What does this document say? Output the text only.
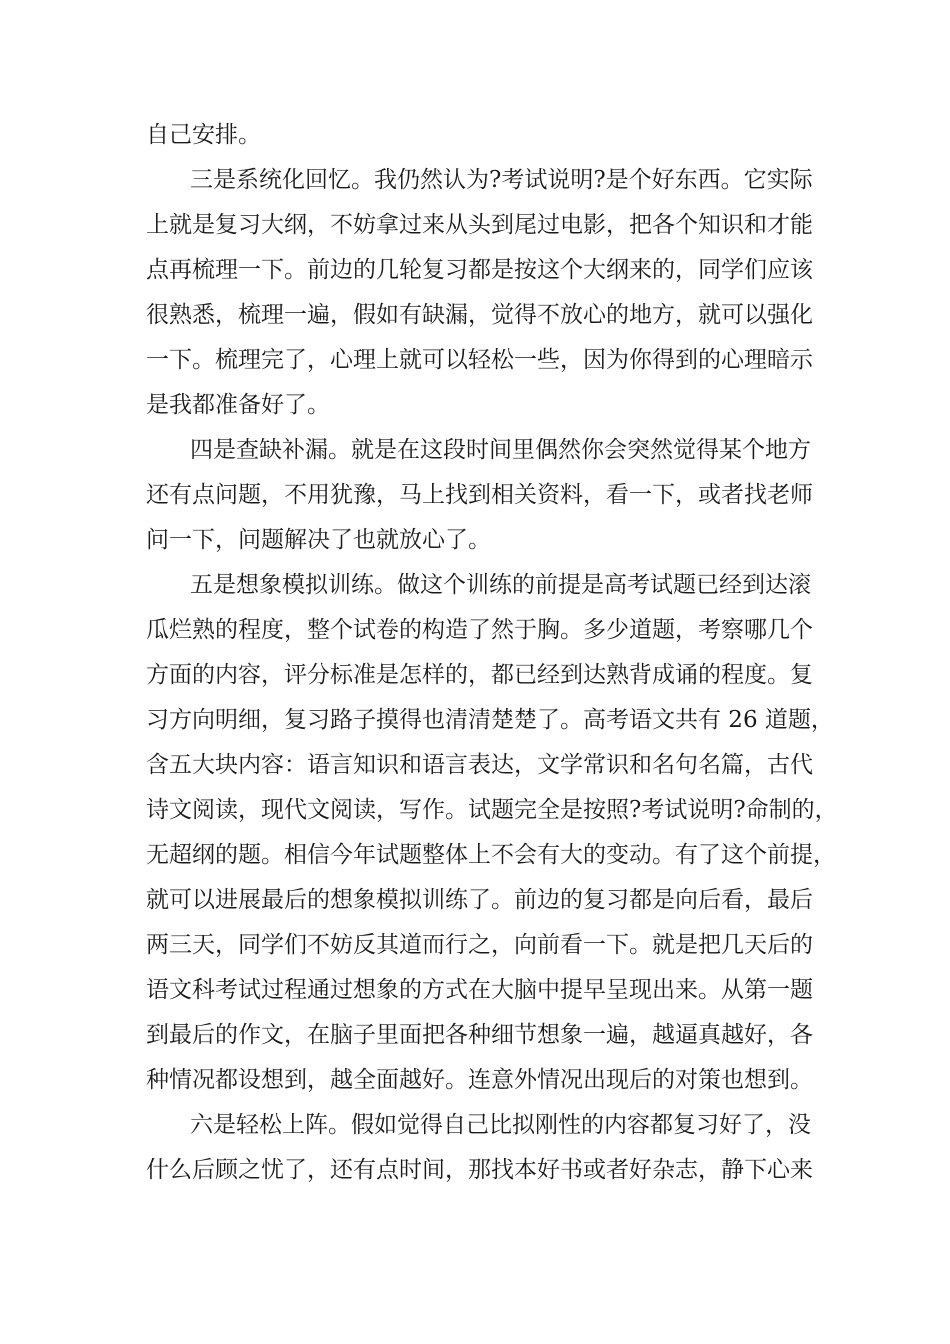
自己安排。
三是系统化回忆。我仍然认为?考试说明?是个好东西。它实际
上就是复习大纲，不妨拿过来从头到尾过电影，把各个知识和才能
点再梳理一下。前边的几轮复习都是按这个大纲来的，同学们应该
很熟悉，梳理一遍，假如有缺漏，觉得不放心的地方，就可以强化
一下。梳理完了，心理上就可以轻松一些，因为你得到的心理暗示
是我都准备好了。
四是查缺补漏。就是在这段时间里偶然你会突然觉得某个地方
还有点问题，不用犹豫，马上找到相关资料，看一下，或者找老师
问一下，问题解决了也就放心了。
五是想象模拟训练。做这个训练的前提是高考试题已经到达滚
瓜烂熟的程度，整个试卷的构造了然于胸。多少道题，考察哪几个
方面的内容，评分标准是怎样的，都已经到达熟背成诵的程度。复
习方向明细，复习路子摸得也清清楚楚了。高考语文共有 26 道题，
含五大块内容：语言知识和语言表达，文学常识和名句名篇，古代
诗文阅读，现代文阅读，写作。试题完全是按照?考试说明?命制的，
无超纲的题。相信今年试题整体上不会有大的变动。有了这个前提，
就可以进展最后的想象模拟训练了。前边的复习都是向后看，最后
两三天，同学们不妨反其道而行之，向前看一下。就是把几天后的
语文科考试过程通过想象的方式在大脑中提早呈现出来。从第一题
到最后的作文，在脑子里面把各种细节想象一遍，越逼真越好，各
种情况都设想到，越全面越好。连意外情况出现后的对策也想到。
六是轻松上阵。假如觉得自己比拟刚性的内容都复习好了，没
什么后顾之忧了，还有点时间，那找本好书或者好杂志，静下心来
